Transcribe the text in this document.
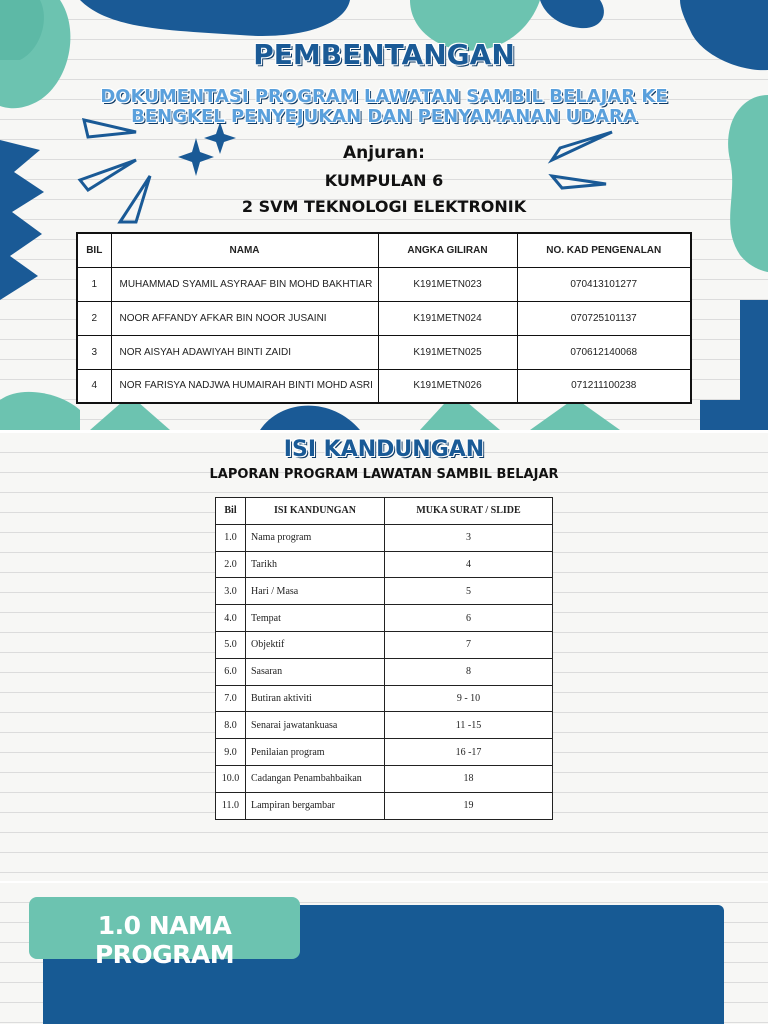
PEMBENTANGAN
DOKUMENTASI PROGRAM LAWATAN SAMBIL BELAJAR KE
BENGKEL PENYEJUKAN DAN PENYAMANAN UDARA
Anjuran:
KUMPULAN 6
2 SVM TEKNOLOGI ELEKTRONIK
BIL	NAMA	ANGKA GILIRAN	NO. KAD PENGENALAN
1	MUHAMMAD SYAMIL ASYRAAF BIN MOHD BAKHTIAR	K191METN023	070413101277
2	NOOR AFFANDY AFKAR BIN NOOR JUSAINI	K191METN024	070725101137
3	NOR AISYAH ADAWIYAH BINTI ZAIDI	K191METN025	070612140068
4	NOR FARISYA NADJWA HUMAIRAH BINTI MOHD ASRI	K191METN026	071211100238
ISI KANDUNGAN
LAPORAN PROGRAM LAWATAN SAMBIL BELAJAR
Bil	ISI KANDUNGAN	MUKA SURAT / SLIDE
1.0	Nama program	3
2.0	Tarikh	4
3.0	Hari / Masa	5
4.0	Tempat	6
5.0	Objektif	7
6.0	Sasaran	8
7.0	Butiran aktiviti	9 - 10
8.0	Senarai jawatankuasa	11 -15
9.0	Penilaian program	16 -17
10.0	Cadangan Penambahbaikan	18
11.0	Lampiran bergambar	19
1.0 NAMA PROGRAM
